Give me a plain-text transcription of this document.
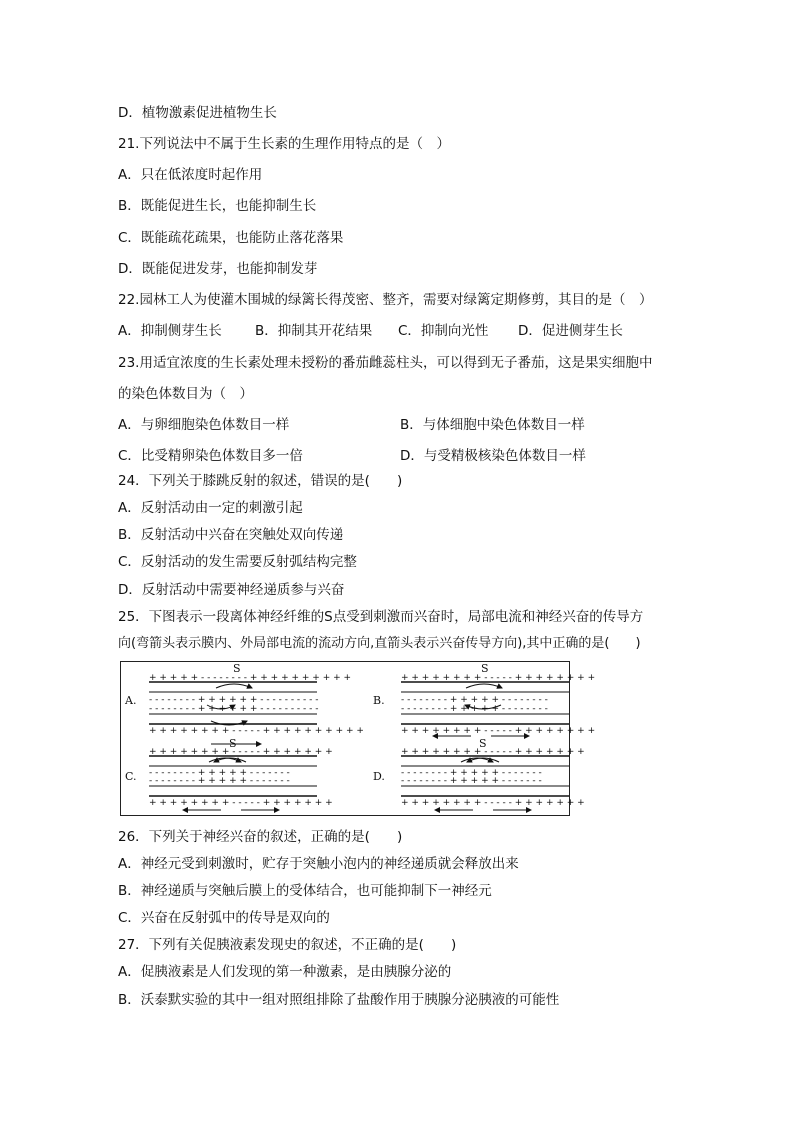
D．植物激素促进植物生长
21.下列说法中不属于生长素的生理作用特点的是（　）
A．只在低浓度时起作用
B．既能促进生长，也能抑制生长
C．既能疏花疏果，也能防止落花落果
D．既能促进发芽，也能抑制发芽
22.园林工人为使灌木围城的绿篱长得茂密、整齐，需要对绿篱定期修剪，其目的是（　）
A．抑制侧芽生长 B．抑制其开花结果 C．抑制向光性 D．促进侧芽生长
23.用适宜浓度的生长素处理未授粉的番茄雌蕊柱头，可以得到无子番茄，这是果实细胞中
的染色体数目为（　）
A．与卵细胞染色体数目一样	B．与体细胞中染色体数目一样
C．比受精卵染色体数目多一倍	D．与受精极核染色体数目一样
24．下列关于膝跳反射的叙述，错误的是(　　)
A．反射活动由一定的刺激引起
B．反射活动中兴奋在突触处双向传递
C．反射活动的发生需要反射弧结构完整
D．反射活动中需要神经递质参与兴奋
25．下图表示一段离体神经纤维的S点受到刺激而兴奋时，局部电流和神经兴奋的传导方
向(弯箭头表示膜内、外局部电流的流动方向,直箭头表示兴奋传导方向),其中正确的是(　　)
A.
S
+ + + + + - - - - - - - - + + + + + + + + + +
- - - - - - - - + + + + + + - - - - - - - - - -
- - - - - - - - + + + + + + - - - - - - - - - -
+ + + + + + + + - - - - - + + + + + + + + + +
B.
S
+ + + + + + + + - - - - - + + + + + + + +
- - - - - - - - + + + + + - - - - - - - -
- - - - - - - - + + + + + - - - - - - - -
+ + + + + + + + - - - - - + + + + + + + +
C.
S
+ + + + + + + + - - - - - + + + + + + +
- - - - - - - - + + + + + - - - - - - -
- - - - - - - - + + + + + - - - - - - -
+ + + + + + + + - - - - - + + + + + + +
D.
S
+ + + + + + + + - - - - - + + + + + + +
- - - - - - - - + + + + + - - - - - - -
- - - - - - - - + + + + + - - - - - - -
+ + + + + + + + - - - - - + + + + + + +
26．下列关于神经兴奋的叙述，正确的是(　　)
A．神经元受到刺激时，贮存于突触小泡内的神经递质就会释放出来
B．神经递质与突触后膜上的受体结合，也可能抑制下一神经元
C．兴奋在反射弧中的传导是双向的
27．下列有关促胰液素发现史的叙述，不正确的是(　　)
A．促胰液素是人们发现的第一种激素，是由胰腺分泌的
B．沃泰默实验的其中一组对照组排除了盐酸作用于胰腺分泌胰液的可能性
